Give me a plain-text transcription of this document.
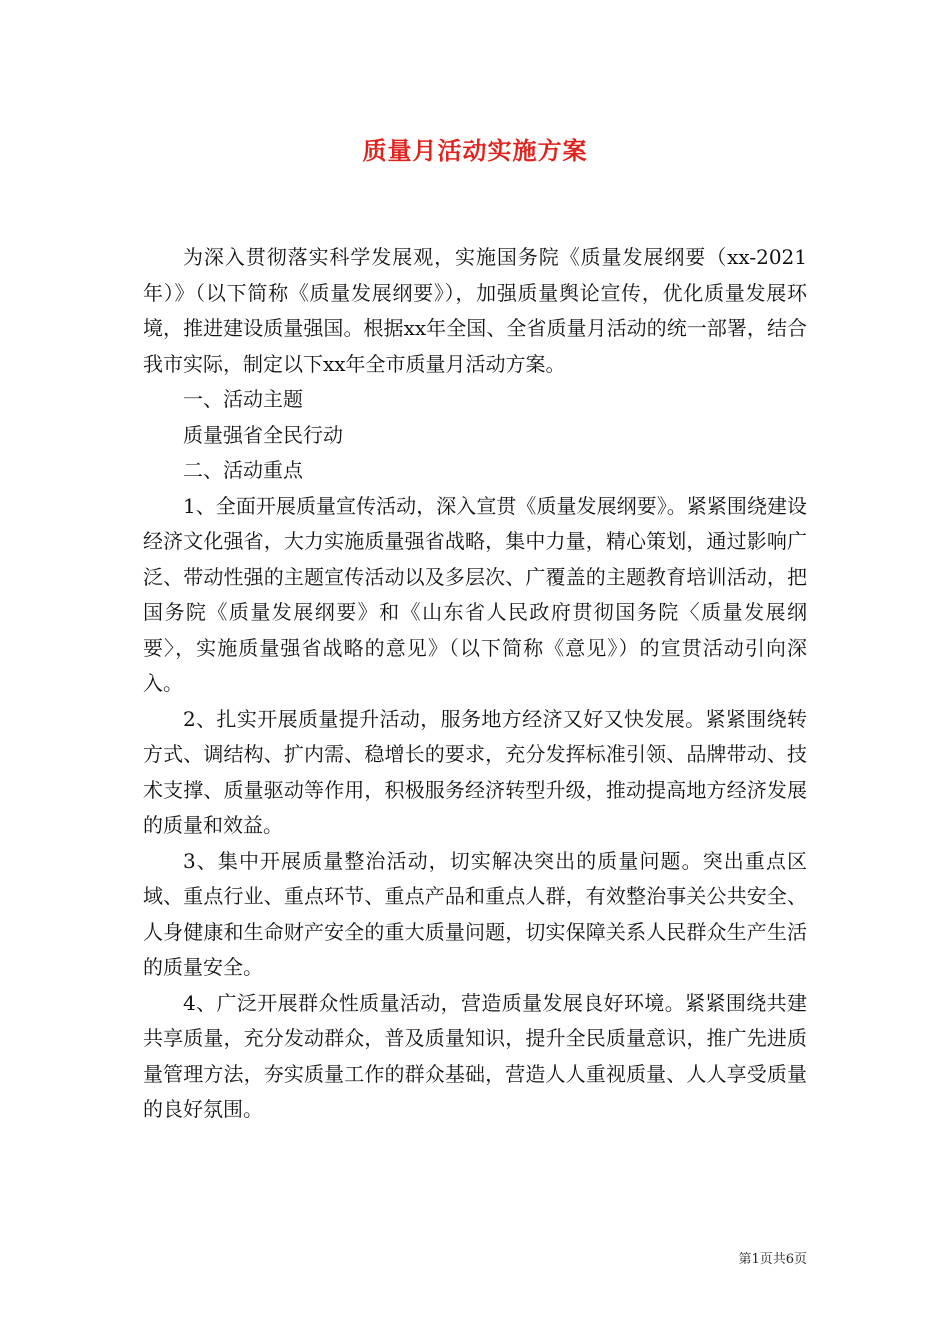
质量月活动实施方案

为深入贯彻落实科学发展观，实施国务院《质量发展纲要（xx-2021年）》（以下简称《质量发展纲要》），加强质量舆论宣传，优化质量发展环境，推进建设质量强国。根据xx年全国、全省质量月活动的统一部署，结合我市实际，制定以下xx年全市质量月活动方案。

一、活动主题

质量强省全民行动

二、活动重点

1、全面开展质量宣传活动，深入宣贯《质量发展纲要》。紧紧围绕建设经济文化强省，大力实施质量强省战略，集中力量，精心策划，通过影响广泛、带动性强的主题宣传活动以及多层次、广覆盖的主题教育培训活动，把国务院《质量发展纲要》和《山东省人民政府贯彻国务院〈质量发展纲要〉，实施质量强省战略的意见》（以下简称《意见》）的宣贯活动引向深入。

2、扎实开展质量提升活动，服务地方经济又好又快发展。紧紧围绕转方式、调结构、扩内需、稳增长的要求，充分发挥标准引领、品牌带动、技术支撑、质量驱动等作用，积极服务经济转型升级，推动提高地方经济发展的质量和效益。

3、集中开展质量整治活动，切实解决突出的质量问题。突出重点区域、重点行业、重点环节、重点产品和重点人群，有效整治事关公共安全、人身健康和生命财产安全的重大质量问题，切实保障关系人民群众生产生活的质量安全。

4、广泛开展群众性质量活动，营造质量发展良好环境。紧紧围绕共建共享质量，充分发动群众，普及质量知识，提升全民质量意识，推广先进质量管理方法，夯实质量工作的群众基础，营造人人重视质量、人人享受质量的良好氛围。

第1页共6页
